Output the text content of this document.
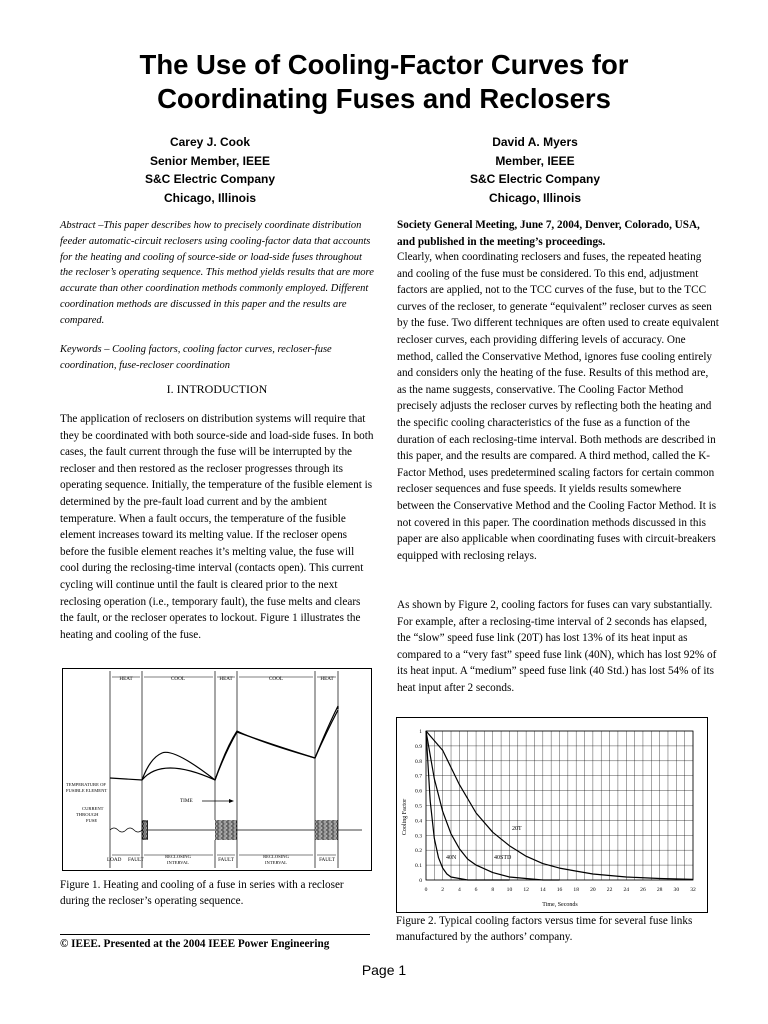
The Use of Cooling-Factor Curves for
Coordinating Fuses and Reclosers
Carey J. Cook
Senior Member, IEEE
S&C Electric Company
Chicago, Illinois
David A. Myers
Member, IEEE
S&C Electric Company
Chicago, Illinois
Abstract –This paper describes how to precisely coordinate distribution feeder automatic-circuit reclosers using cooling-factor data that accounts for the heating and cooling of source-side or load-side fuses throughout the recloser’s operating sequence. This method yields results that are more accurate than other coordination methods commonly employed. Different coordination methods are discussed in this paper and the results are compared.
Keywords – Cooling factors, cooling factor curves, recloser-fuse coordination, fuse-recloser coordination
I. INTRODUCTION
The application of reclosers on distribution systems will require that they be coordinated with both source-side and load-side fuses. In both cases, the fault current through the fuse will be interrupted by the recloser and then restored as the recloser progresses through its operating sequence. Initially, the temperature of the fusible element is determined by the pre-fault load current and by the ambient temperature. When a fault occurs, the temperature of the fusible element increases toward its melting value. If the recloser opens before the fusible element reaches it’s melting value, the fuse will cool during the reclosing-time interval (contacts open). This current cycling will continue until the fault is cleared prior to the next reclosing operation (i.e., temporary fault), the fuse melts and clears the fault, or the recloser operates to lockout. Figure 1 illustrates the heating and cooling of the fuse.
HEAT	COOL	HEAT	COOL	HEAT
TEMPERATURE OF
FUSIBLE ELEMENT
TIME
CURRENT
THROUGH
FUSE
LOAD FAULT
RECLOSING
INTERVAL	FAULT
RECLOSING
INTERVAL	FAULT
Figure 1. Heating and cooling of a fuse in series with a recloser during the recloser’s operating sequence.
© IEEE. Presented at the 2004 IEEE Power Engineering
Society General Meeting, June 7, 2004, Denver, Colorado, USA, and published in the meeting’s proceedings.
Clearly, when coordinating reclosers and fuses, the repeated heating and cooling of the fuse must be considered. To this end, adjustment factors are applied, not to the TCC curves of the fuse, but to the TCC curves of the recloser, to generate “equivalent” recloser curves as seen by the fuse. Two different techniques are often used to create equivalent recloser curves, each providing differing levels of accuracy. One method, called the Conservative Method, ignores fuse cooling entirely and considers only the heating of the fuse. Results of this method are, as the name suggests, conservative. The Cooling Factor Method precisely adjusts the recloser curves by reflecting both the heating and the specific cooling characteristics of the fuse as a function of the duration of each reclosing-time interval. Both methods are described in this paper, and the results are compared. A third method, called the K-Factor Method, uses predetermined scaling factors for certain common recloser sequences and fuse speeds. It yields results somewhere between the Conservative Method and the Cooling Factor Method. It is not covered in this paper. The coordination methods discussed in this paper are also applicable when coordinating fuses with circuit-breakers equipped with reclosing relays.
As shown by Figure 2, cooling factors for fuses can vary substantially. For example, after a reclosing-time interval of 2 seconds has elapsed, the “slow” speed fuse link (20T) has lost 13% of its heat input as compared to a “very fast” speed fuse link (40N), which has lost 92% of its heat input. A “medium” speed fuse link (40 Std.) has lost 54% of its heat input after 2 seconds.
0
0.1
0.2
0.3
0.4
0.5
0.6
0.7
0.8
0.9
1
0 2 4 6 8 10 12 14 16 18 20 22 24 26 28 30 32
Cooling Factor
Time, Seconds
20T
40N	40STD
Figure 2. Typical cooling factors versus time for several fuse links manufactured by the authors’ company.
Page 1
